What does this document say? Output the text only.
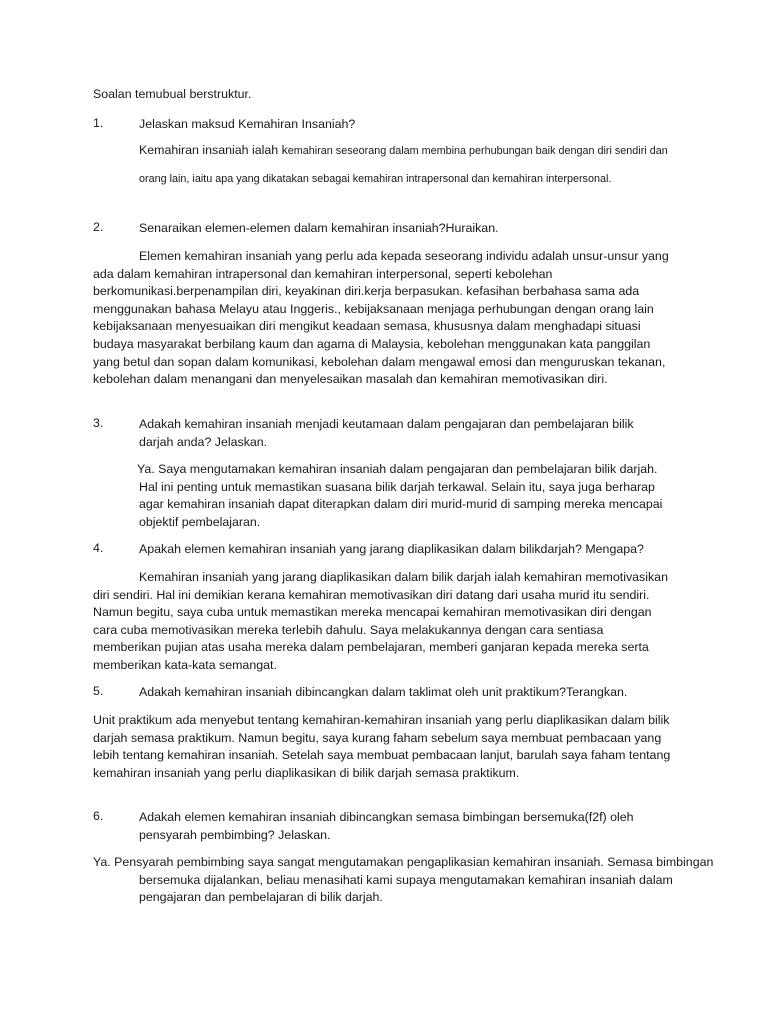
Soalan temubual berstruktur.
1.	Jelaskan maksud Kemahiran Insaniah?
Kemahiran insaniah ialah kemahiran seseorang dalam membina perhubungan baik dengan diri sendiri dan orang lain, iaitu apa yang dikatakan sebagai kemahiran intrapersonal dan kemahiran interpersonal.
2.	Senaraikan elemen-elemen dalam kemahiran insaniah?Huraikan.
Elemen kemahiran insaniah yang perlu ada kepada seseorang individu adalah unsur-unsur yang ada dalam kemahiran intrapersonal dan kemahiran interpersonal, seperti kebolehan berkomunikasi.berpenampilan diri, keyakinan diri.kerja berpasukan. kefasihan berbahasa sama ada menggunakan bahasa Melayu atau Inggeris., kebijaksanaan menjaga perhubungan dengan orang lain kebijaksanaan menyesuaikan diri mengikut keadaan semasa, khususnya dalam menghadapi situasi budaya masyarakat berbilang kaum dan agama di Malaysia, kebolehan menggunakan kata panggilan yang betul dan sopan dalam komunikasi, kebolehan dalam mengawal emosi dan menguruskan tekanan, kebolehan dalam menangani dan menyelesaikan masalah dan kemahiran memotivasikan diri.
3.	Adakah kemahiran insaniah menjadi keutamaan dalam pengajaran dan pembelajaran bilik darjah anda? Jelaskan.
Ya. Saya mengutamakan kemahiran insaniah dalam pengajaran dan pembelajaran bilik darjah. Hal ini penting untuk memastikan suasana bilik darjah terkawal. Selain itu, saya juga berharap agar kemahiran insaniah dapat diterapkan dalam diri murid-murid di samping mereka mencapai objektif pembelajaran.
4.	Apakah elemen kemahiran insaniah yang jarang diaplikasikan dalam bilikdarjah? Mengapa?
Kemahiran insaniah yang jarang diaplikasikan dalam bilik darjah ialah kemahiran memotivasikan diri sendiri. Hal ini demikian kerana kemahiran memotivasikan diri datang dari usaha murid itu sendiri. Namun begitu, saya cuba untuk memastikan mereka mencapai kemahiran memotivasikan diri dengan cara cuba memotivasikan mereka terlebih dahulu. Saya melakukannya dengan cara sentiasa memberikan pujian atas usaha mereka dalam pembelajaran, memberi ganjaran kepada mereka serta memberikan kata-kata semangat.
5.	Adakah kemahiran insaniah dibincangkan dalam taklimat oleh unit praktikum?Terangkan.
Unit praktikum ada menyebut tentang kemahiran-kemahiran insaniah yang perlu diaplikasikan dalam bilik darjah semasa praktikum. Namun begitu, saya kurang faham sebelum saya membuat pembacaan yang lebih tentang kemahiran insaniah. Setelah saya membuat pembacaan lanjut, barulah saya faham tentang kemahiran insaniah yang perlu diaplikasikan di bilik darjah semasa praktikum.
6.	Adakah elemen kemahiran insaniah dibincangkan semasa bimbingan bersemuka(f2f) oleh pensyarah pembimbing? Jelaskan.
Ya. Pensyarah pembimbing saya sangat mengutamakan pengaplikasian kemahiran insaniah. Semasa bimbingan bersemuka dijalankan, beliau menasihati kami supaya mengutamakan kemahiran insaniah dalam pengajaran dan pembelajaran di bilik darjah.
